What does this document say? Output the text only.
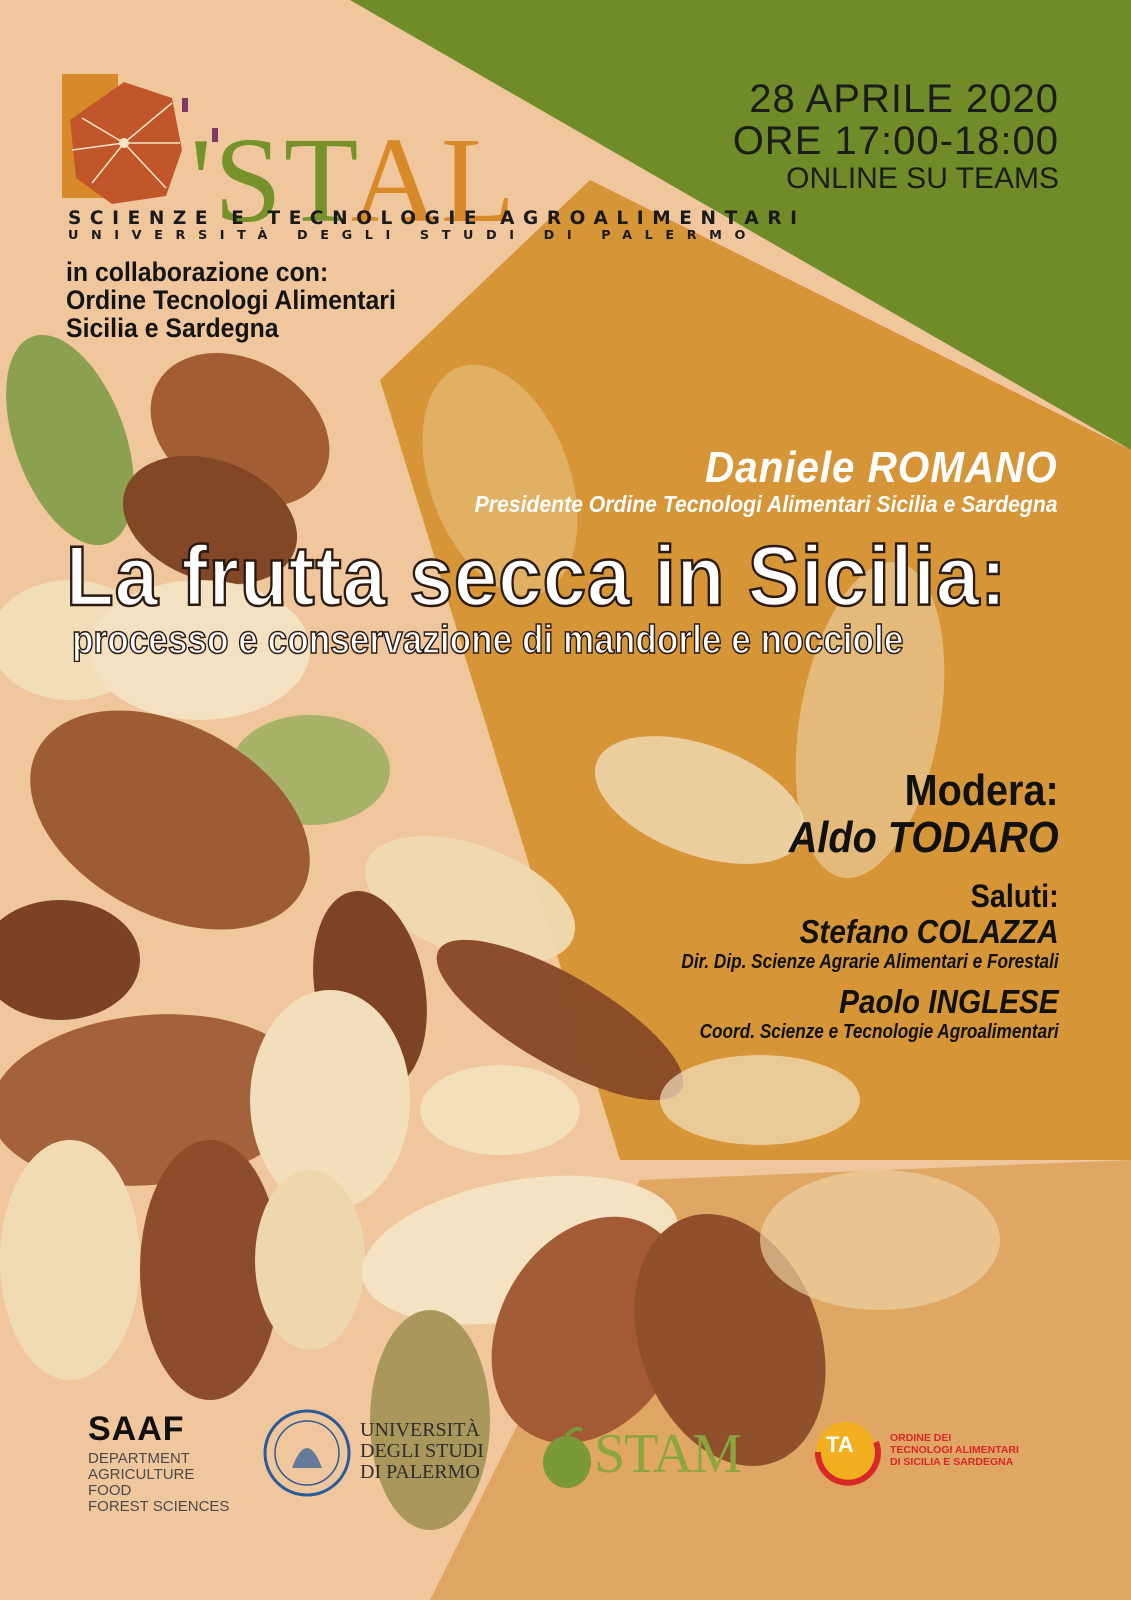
'STAL
SCIENZE E TECNOLOGIE AGROALIMENTARI
UNIVERSITÀ DEGLI STUDI DI PALERMO
in collaborazione con:
Ordine Tecnologi Alimentari
Sicilia e Sardegna
28 APRILE 2020
ORE 17:00-18:00
ONLINE SU TEAMS
Daniele ROMANO
Presidente Ordine Tecnologi Alimentari Sicilia e Sardegna
La frutta secca in Sicilia:
processo e conservazione di mandorle e nocciole
Modera:
Aldo TODARO
Saluti:
Stefano COLAZZA
Dir. Dip. Scienze Agrarie Alimentari e Forestali
Paolo INGLESE
Coord. Scienze e Tecnologie Agroalimentari
SAAF
DEPARTMENT
AGRICULTURE
FOOD
FOREST SCIENCES
UNIVERSITÀ
DEGLI STUDI
DI PALERMO STAM	TA	ORDINE DEI
TECNOLOGI ALIMENTARI
DI SICILIA E SARDEGNA
